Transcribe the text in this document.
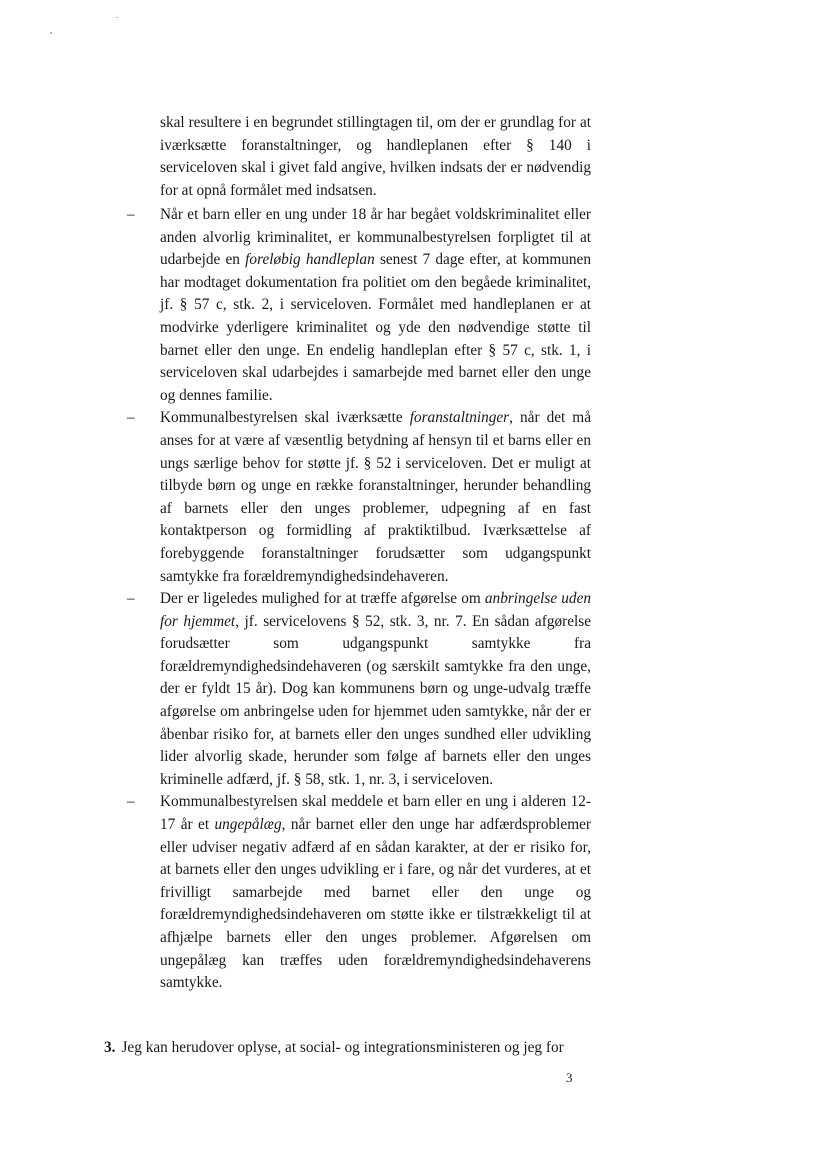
skal resultere i en begrundet stillingtagen til, om der er grundlag for at iværksætte foranstaltninger, og handleplanen efter § 140 i serviceloven skal i givet fald angive, hvilken indsats der er nødvendig for at opnå formålet med indsatsen.

– Når et barn eller en ung under 18 år har begået voldskriminalitet eller anden alvorlig kriminalitet, er kommunalbestyrelsen forpligtet til at udarbejde en foreløbig handleplan senest 7 dage efter, at kommunen har modtaget dokumentation fra politiet om den begåede kriminalitet, jf. § 57 c, stk. 2, i serviceloven. Formålet med handleplanen er at modvirke yderligere kriminalitet og yde den nødvendige støtte til barnet eller den unge. En endelig handleplan efter § 57 c, stk. 1, i serviceloven skal udarbejdes i samarbejde med barnet eller den unge og dennes familie.
– Kommunalbestyrelsen skal iværksætte foranstaltninger, når det må anses for at være af væsentlig betydning af hensyn til et barns eller en ungs særlige behov for støtte jf. § 52 i serviceloven. Det er muligt at tilbyde børn og unge en række foranstaltninger, herunder behandling af barnets eller den unges problemer, udpegning af en fast kontaktperson og formidling af praktiktilbud. Iværksættelse af forebyggende foranstaltninger forudsætter som udgangspunkt samtykke fra forældremyndighedsindehaveren.
– Der er ligeledes mulighed for at træffe afgørelse om anbringelse uden for hjemmet, jf. servicelovens § 52, stk. 3, nr. 7. En sådan afgørelse forudsætter som udgangspunkt samtykke fra forældremyndighedsindehaveren (og særskilt samtykke fra den unge, der er fyldt 15 år). Dog kan kommunens børn og unge-udvalg træffe afgørelse om anbringelse uden for hjemmet uden samtykke, når der er åbenbar risiko for, at barnets eller den unges sundhed eller udvikling lider alvorlig skade, herunder som følge af barnets eller den unges kriminelle adfærd, jf. § 58, stk. 1, nr. 3, i serviceloven.
– Kommunalbestyrelsen skal meddele et barn eller en ung i alderen 12-17 år et ungepålæg, når barnet eller den unge har adfærdsproblemer eller udviser negativ adfærd af en sådan karakter, at der er risiko for, at barnets eller den unges udvikling er i fare, og når det vurderes, at et frivilligt samarbejde med barnet eller den unge og forældremyndighedsindehaveren om støtte ikke er tilstrækkeligt til at afhjælpe barnets eller den unges problemer. Afgørelsen om ungepålæg kan træffes uden forældremyndighedsindehaverens samtykke.

3. Jeg kan herudover oplyse, at social- og integrationsministeren og jeg for

3
